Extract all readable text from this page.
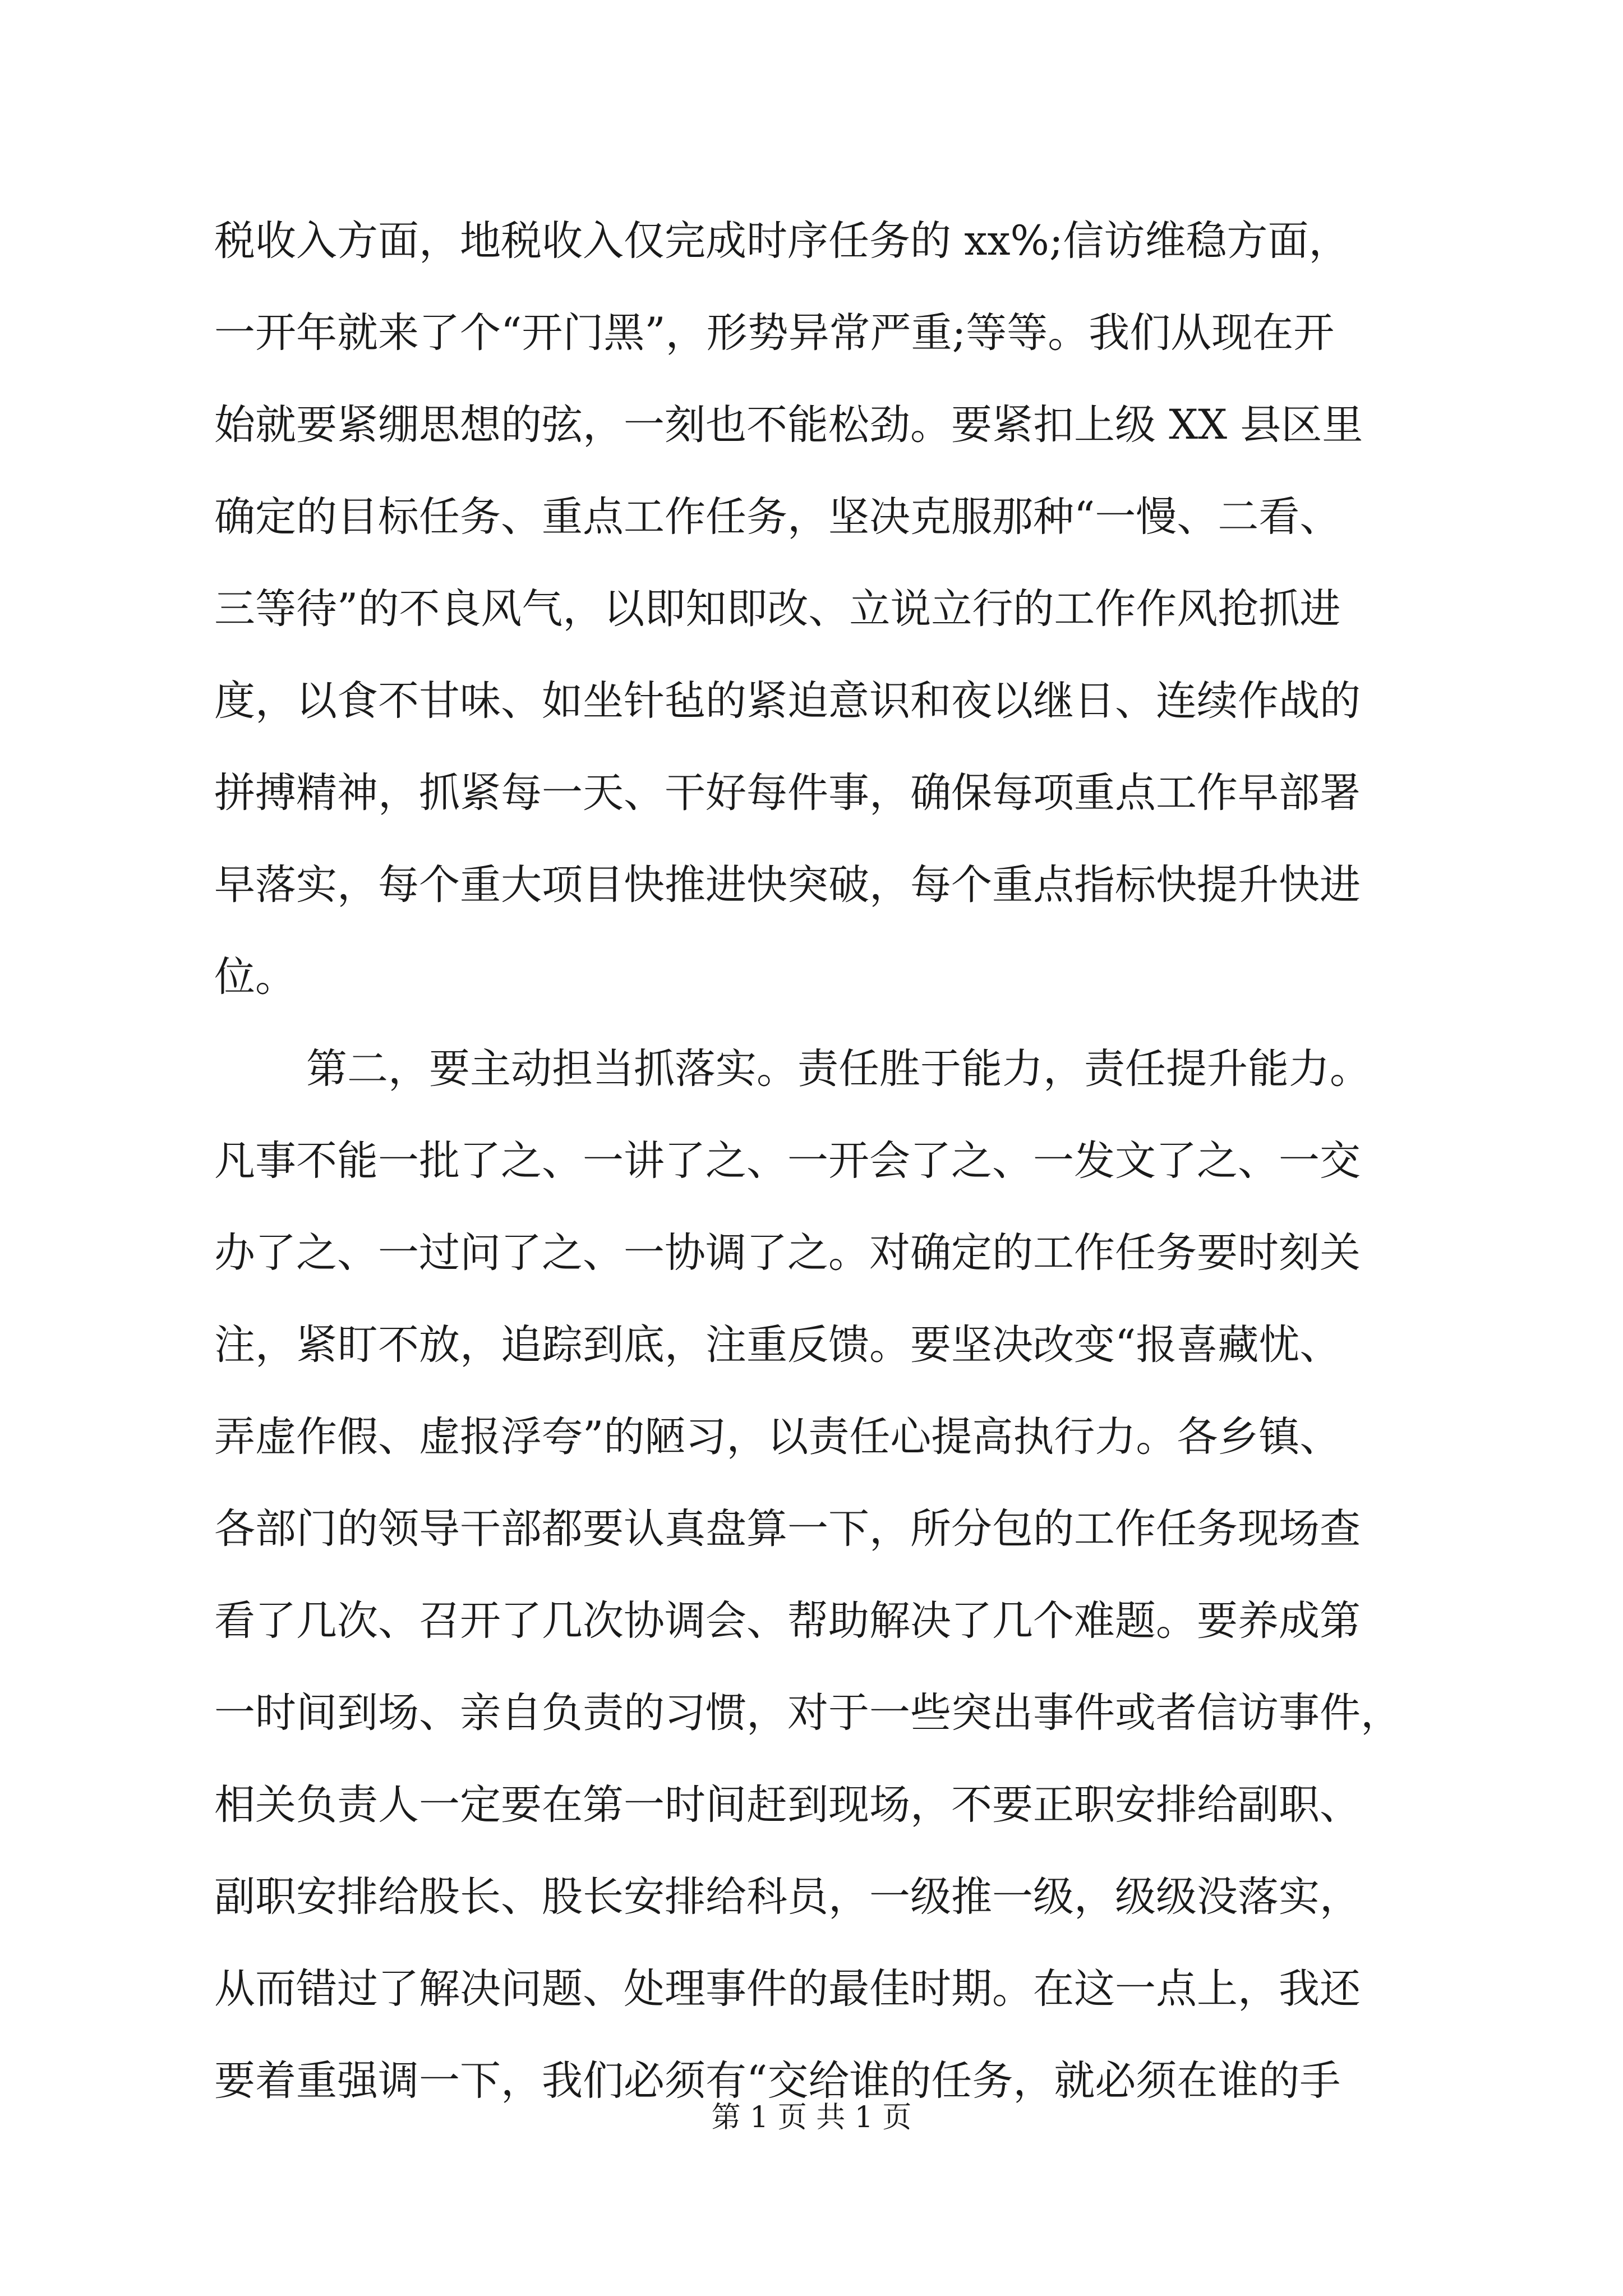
税收入方面，地税收入仅完成时序任务的 xx%;信访维稳方面，
一开年就来了个“开门黑”，形势异常严重;等等。我们从现在开
始就要紧绷思想的弦，一刻也不能松劲。要紧扣上级 XX 县区里
确定的目标任务、重点工作任务，坚决克服那种“一慢、二看、
三等待”的不良风气，以即知即改、立说立行的工作作风抢抓进
度，以食不甘味、如坐针毡的紧迫意识和夜以继日、连续作战的
拼搏精神，抓紧每一天、干好每件事，确保每项重点工作早部署
早落实，每个重大项目快推进快突破，每个重点指标快提升快进
位。
第二，要主动担当抓落实。责任胜于能力，责任提升能力。
凡事不能一批了之、一讲了之、一开会了之、一发文了之、一交
办了之、一过问了之、一协调了之。对确定的工作任务要时刻关
注，紧盯不放，追踪到底，注重反馈。要坚决改变“报喜藏忧、
弄虚作假、虚报浮夸”的陋习，以责任心提高执行力。各乡镇、
各部门的领导干部都要认真盘算一下，所分包的工作任务现场查
看了几次、召开了几次协调会、帮助解决了几个难题。要养成第
一时间到场、亲自负责的习惯，对于一些突出事件或者信访事件，
相关负责人一定要在第一时间赶到现场，不要正职安排给副职、
副职安排给股长、股长安排给科员，一级推一级，级级没落实，
从而错过了解决问题、处理事件的最佳时期。在这一点上，我还
要着重强调一下，我们必须有“交给谁的任务，就必须在谁的手
第 1 页 共 1 页
